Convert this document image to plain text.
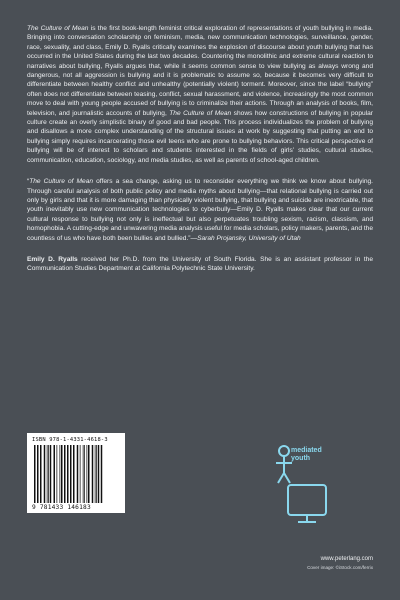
The Culture of Mean is the first book-length feminist critical exploration of representations of youth bullying in media. Bringing into conversation scholarship on feminism, media, new communication technologies, surveillance, gender, race, sexuality, and class, Emily D. Ryalls critically examines the explosion of discourse about youth bullying that has occurred in the United States during the last two decades. Countering the monolithic and extreme cultural reaction to narratives about bullying, Ryalls argues that, while it seems common sense to view bullying as always wrong and dangerous, not all aggression is bullying and it is problematic to assume so, because it becomes very difficult to differentiate between healthy conflict and unhealthy (potentially violent) torment. Moreover, since the label “bullying” often does not differentiate between teasing, conflict, sexual harassment, and violence, increasingly the most common move to deal with young people accused of bullying is to criminalize their actions. Through an analysis of books, film, television, and journalistic accounts of bullying, The Culture of Mean shows how constructions of bullying in popular culture create an overly simplistic binary of good and bad people. This process individualizes the problem of bullying and disallows a more complex understanding of the structural issues at work by suggesting that putting an end to bullying simply requires incarcerating those evil teens who are prone to bullying behaviors. This critical perspective of bullying will be of interest to scholars and students interested in the fields of girls’ studies, cultural studies, communication, education, sociology, and media studies, as well as parents of school-aged children.

“The Culture of Mean offers a sea change, asking us to reconsider everything we think we know about bullying. Through careful analysis of both public policy and media myths about bullying—that relational bullying is carried out only by girls and that it is more damaging than physically violent bullying, that bullying and suicide are inextricable, that youth inevitably use new communication technologies to cyberbully—Emily D. Ryalls makes clear that our current cultural response to bullying not only is ineffectual but also perpetuates troubling sexism, racism, classism, and homophobia. A cutting-edge and unwavering media analysis useful for media scholars, policy makers, parents, and the countless of us who have both been bullies and bullied.”—Sarah Projansky, University of Utah

Emily D. Ryalls received her Ph.D. from the University of South Florida. She is an assistant professor in the Communication Studies Department at California Polytechnic State University.

ISBN 978-1-4331-4618-3
9 781433 146183
mediated
youth
www.peterlang.com
Cover image: ©iStock.com/ferrix
